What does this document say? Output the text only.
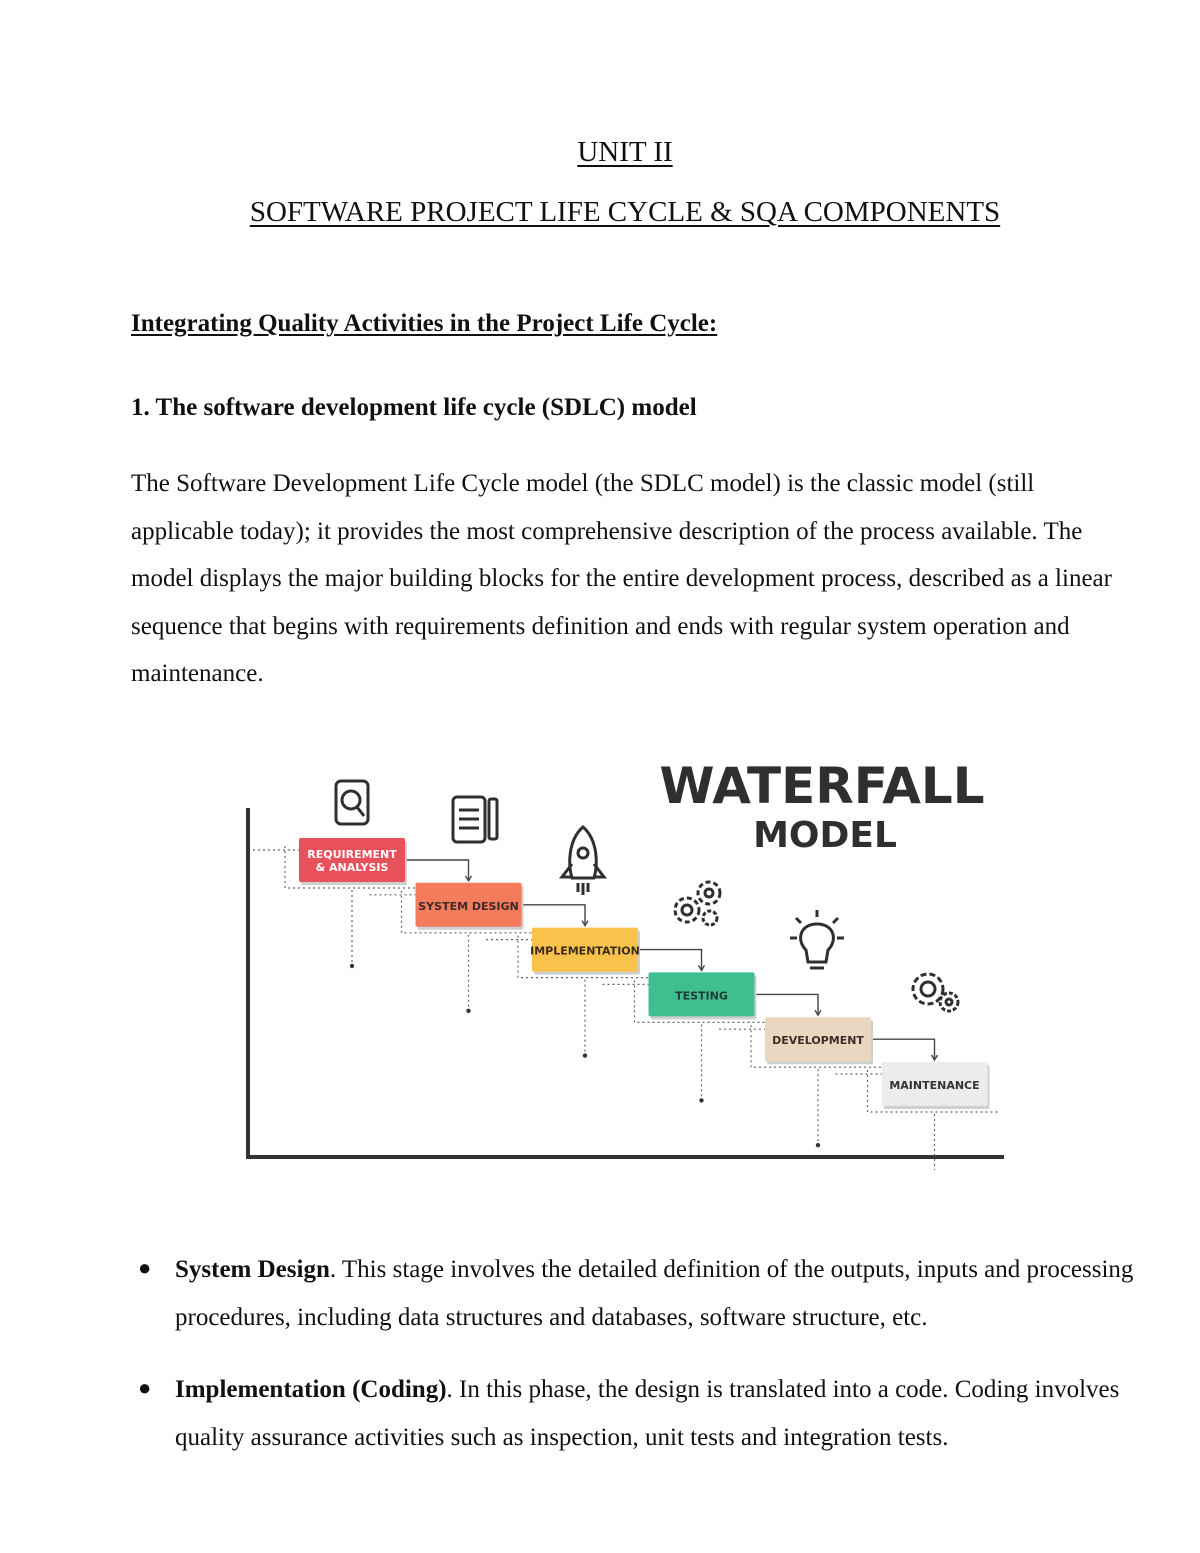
UNIT II
SOFTWARE PROJECT LIFE CYCLE & SQA COMPONENTS
Integrating Quality Activities in the Project Life Cycle:
1. The software development life cycle (SDLC) model

The Software Development Life Cycle model (the SDLC model) is the classic model (still applicable today); it provides the most comprehensive description of the process available. The model displays the major building blocks for the entire development process, described as a linear sequence that begins with requirements definition and ends with regular system operation and maintenance.

WATERFALL
MODEL
REQUIREMENT
& ANALYSIS
SYSTEM DESIGN
IMPLEMENTATION
TESTING
DEVELOPMENT
MAINTENANCE
● System Design. This stage involves the detailed definition of the outputs, inputs and processing procedures, including data structures and databases, software structure, etc.
● Implementation (Coding). In this phase, the design is translated into a code. Coding involves quality assurance activities such as inspection, unit tests and integration tests.
